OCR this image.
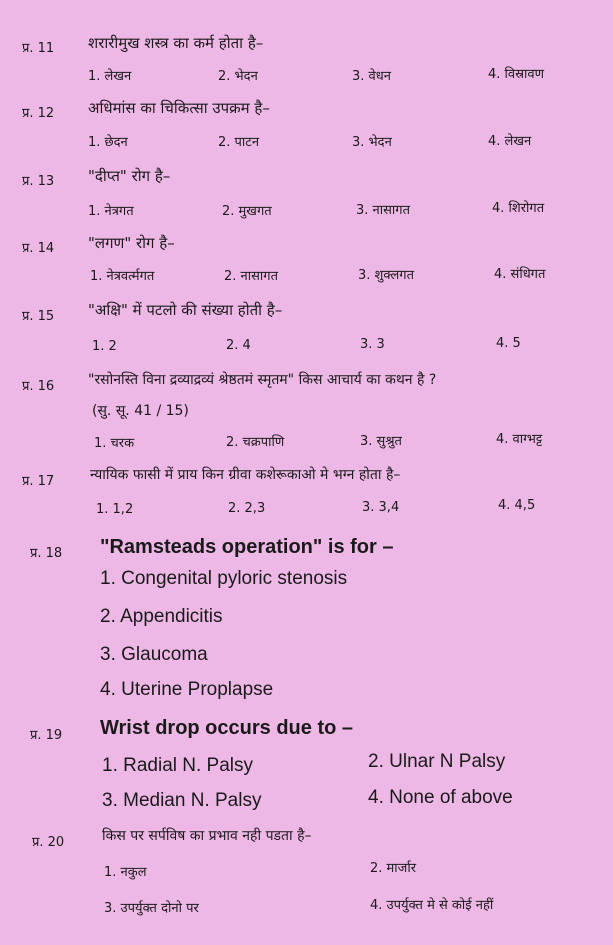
प्र. 11 शरारीमुख शस्त्र का कर्म होता है–
1. लेखन	2. भेदन	3. वेधन	4. विस्रावण
प्र. 12 अधिमांस का चिकित्सा उपक्रम है–
1. छेदन	2. पाटन	3. भेदन	4. लेखन
प्र. 13 "दीप्त" रोग है–
1. नेत्रगत	2. मुखगत	3. नासागत	4. शिरोगत
प्र. 14 "लगण" रोग है–
1. नेत्रवर्त्मगत	2. नासागत	3. शुक्लगत	4. संधिगत
प्र. 15 "अक्षि" में पटलो की संख्या होती है–
1. 2	2. 4	3. 3	4. 5
प्र. 16 "रसोनस्ति विना द्रव्याद्रव्यं श्रेष्ठतमं स्मृतम" किस आचार्य का कथन है ?
(सु. सू. 41 / 15)
1. चरक	2. चक्रपाणि	3. सुश्रुत	4. वाग्भट्ट
प्र. 17	न्यायिक फासी में प्राय किन ग्रीवा कशेरूकाओ मे भग्न होता है–
1. 1,2	2. 2,3	3. 3,4	4. 4,5
प्र. 18 "Ramsteads operation" is for –
1. Congenital pyloric stenosis
2. Appendicitis
3. Glaucoma
4. Uterine Proplapse
प्र. 19 Wrist drop occurs due to –
1. Radial N. Palsy	2. Ulnar N Palsy
3. Median N. Palsy	4. None of above
प्र. 20	किस पर सर्पविष का प्रभाव नही पडता है–
1. नकुल	2. मार्जार
3. उपर्युक्त दोनो पर	4. उपर्युक्त मे से कोई नहीं
